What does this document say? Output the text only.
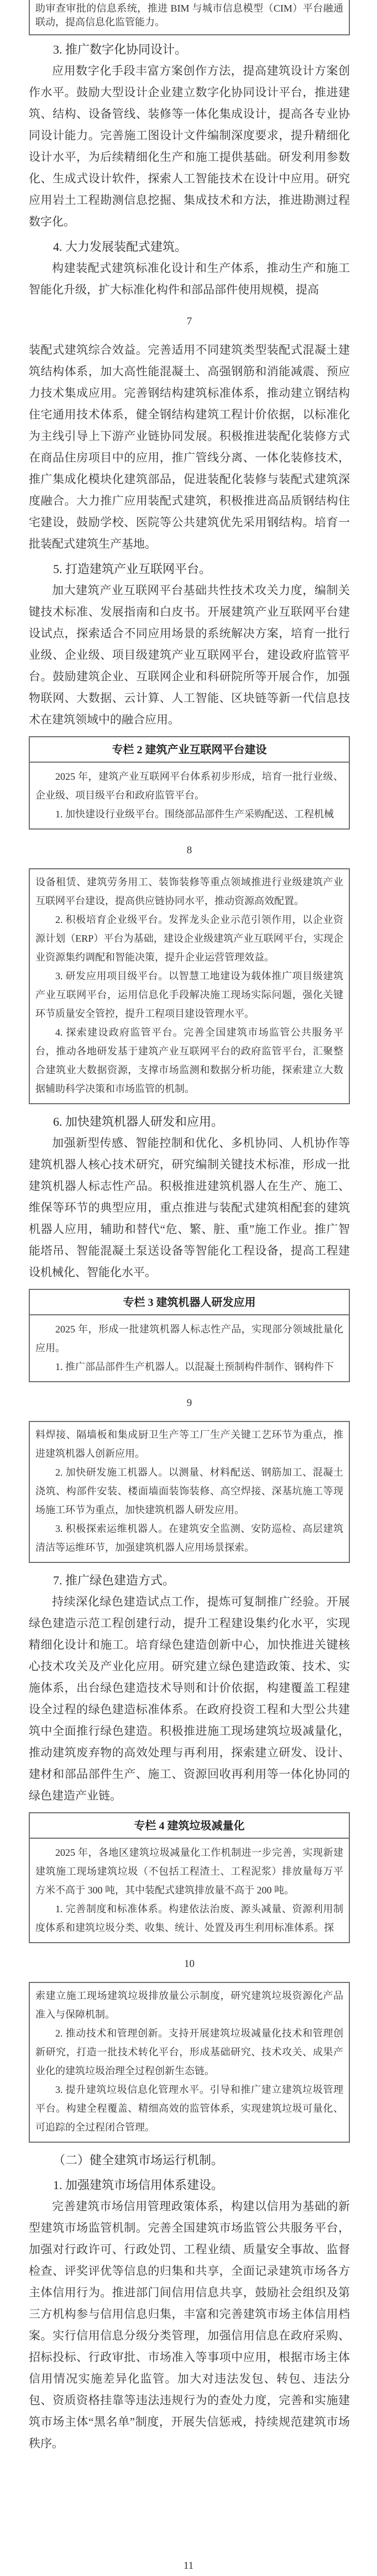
助审查审批的信息系统，推进 BIM 与城市信息模型（CIM）平台融通联动，提高信息化监管能力。

3. 推广数字化协同设计。

应用数字化手段丰富方案创作方法，提高建筑设计方案创作水平。鼓励大型设计企业建立数字化协同设计平台，推进建筑、结构、设备管线、装修等一体化集成设计，提高各专业协同设计能力。完善施工图设计文件编制深度要求，提升精细化设计水平，为后续精细化生产和施工提供基础。研发利用参数化、生成式设计软件，探索人工智能技术在设计中应用。研究应用岩土工程勘测信息挖掘、集成技术和方法，推进勘测过程数字化。

4. 大力发展装配式建筑。

构建装配式建筑标准化设计和生产体系，推动生产和施工智能化升级，扩大标准化构件和部品部件使用规模，提高

7

装配式建筑综合效益。完善适用不同建筑类型装配式混凝土建筑结构体系，加大高性能混凝土、高强钢筋和消能减震、预应力技术集成应用。完善钢结构建筑标准体系，推动建立钢结构住宅通用技术体系，健全钢结构建筑工程计价依据，以标准化为主线引导上下游产业链协同发展。积极推进装配化装修方式在商品住房项目中的应用，推广管线分离、一体化装修技术，推广集成化模块化建筑部品，促进装配化装修与装配式建筑深度融合。大力推广应用装配式建筑，积极推进高品质钢结构住宅建设，鼓励学校、医院等公共建筑优先采用钢结构。培育一批装配式建筑生产基地。

5. 打造建筑产业互联网平台。

加大建筑产业互联网平台基础共性技术攻关力度，编制关键技术标准、发展指南和白皮书。开展建筑产业互联网平台建设试点，探索适合不同应用场景的系统解决方案，培育一批行业级、企业级、项目级建筑产业互联网平台，建设政府监管平台。鼓励建筑企业、互联网企业和科研院所等开展合作，加强物联网、大数据、云计算、人工智能、区块链等新一代信息技术在建筑领域中的融合应用。

专栏 2 建筑产业互联网平台建设

2025 年，建筑产业互联网平台体系初步形成，培育一批行业级、企业级、项目级平台和政府监管平台。

1. 加快建设行业级平台。围绕部品部件生产采购配送、工程机械

8

设备租赁、建筑劳务用工、装饰装修等重点领域推进行业级建筑产业互联网平台建设，提高供应链协同水平，推动资源高效配置。

2. 积极培育企业级平台。发挥龙头企业示范引领作用，以企业资源计划（ERP）平台为基础，建设企业级建筑产业互联网平台，实现企业资源集约调配和智能决策，提升企业运营管理效益。

3. 研发应用项目级平台。以智慧工地建设为载体推广项目级建筑产业互联网平台，运用信息化手段解决施工现场实际问题，强化关键环节质量安全管控，提升工程项目建设管理水平。

4. 探索建设政府监管平台。完善全国建筑市场监管公共服务平台，推动各地研发基于建筑产业互联网平台的政府监管平台，汇聚整合建筑业大数据资源，支撑市场监测和数据分析功能，探索建立大数据辅助科学决策和市场监管的机制。

6. 加快建筑机器人研发和应用。

加强新型传感、智能控制和优化、多机协同、人机协作等建筑机器人核心技术研究，研究编制关键技术标准，形成一批建筑机器人标志性产品。积极推进建筑机器人在生产、施工、维保等环节的典型应用，重点推进与装配式建筑相配套的建筑机器人应用，辅助和替代“危、繁、脏、重”施工作业。推广智能塔吊、智能混凝土泵送设备等智能化工程设备，提高工程建设机械化、智能化水平。

专栏 3 建筑机器人研发应用

2025 年，形成一批建筑机器人标志性产品，实现部分领域批量化应用。

1. 推广部品部件生产机器人。以混凝土预制构件制作、钢构件下

9

料焊接、隔墙板和集成厨卫生产等工厂生产关键工艺环节为重点，推进建筑机器人创新应用。

2. 加快研发施工机器人。以测量、材料配送、钢筋加工、混凝土浇筑、构部件安装、楼面墙面装饰装修、高空焊接、深基坑施工等现场施工环节为重点，加快建筑机器人研发应用。

3. 积极探索运维机器人。在建筑安全监测、安防巡检、高层建筑清洁等运维环节，加强建筑机器人应用场景探索。

7. 推广绿色建造方式。

持续深化绿色建造试点工作，提炼可复制推广经验。开展绿色建造示范工程创建行动，提升工程建设集约化水平，实现精细化设计和施工。培育绿色建造创新中心，加快推进关键核心技术攻关及产业化应用。研究建立绿色建造政策、技术、实施体系，出台绿色建造技术导则和计价依据，构建覆盖工程建设全过程的绿色建造标准体系。在政府投资工程和大型公共建筑中全面推行绿色建造。积极推进施工现场建筑垃圾减量化，推动建筑废弃物的高效处理与再利用，探索建立研发、设计、建材和部品部件生产、施工、资源回收再利用等一体化协同的绿色建造产业链。

专栏 4 建筑垃圾减量化

2025 年，各地区建筑垃圾减量化工作机制进一步完善，实现新建建筑施工现场建筑垃圾（不包括工程渣土、工程泥浆）排放量每万平方米不高于 300 吨，其中装配式建筑排放量不高于 200 吨。

1. 完善制度和标准体系。构建依法治废、源头减量、资源利用制度体系和建筑垃圾分类、收集、统计、处置及再生利用标准体系。探

10

索建立施工现场建筑垃圾排放量公示制度，研究建筑垃圾资源化产品准入与保障机制。

2. 推动技术和管理创新。支持开展建筑垃圾减量化技术和管理创新研究，打造一批技术转化平台，形成基础研究、技术攻关、成果产业化的建筑垃圾治理全过程创新生态链。

3. 提升建筑垃圾信息化管理水平。引导和推广建立建筑垃圾管理平台。构建全程覆盖、精细高效的监管体系，实现建筑垃圾可量化、可追踪的全过程闭合管理。

（二）健全建筑市场运行机制。
1. 加强建筑市场信用体系建设。

完善建筑市场信用管理政策体系，构建以信用为基础的新型建筑市场监管机制。完善全国建筑市场监管公共服务平台，加强对行政许可、行政处罚、工程业绩、质量安全事故、监督检查、评奖评优等信息的归集和共享，全面记录建筑市场各方主体信用行为。推进部门间信用信息共享，鼓励社会组织及第三方机构参与信用信息归集，丰富和完善建筑市场主体信用档案。实行信用信息分级分类管理，加强信用信息在政府采购、招标投标、行政审批、市场准入等事项中应用，根据市场主体信用情况实施差异化监管。加大对违法发包、转包、违法分包、资质资格挂靠等违法违规行为的查处力度，完善和实施建筑市场主体“黑名单”制度，开展失信惩戒，持续规范建筑市场秩序。

11
